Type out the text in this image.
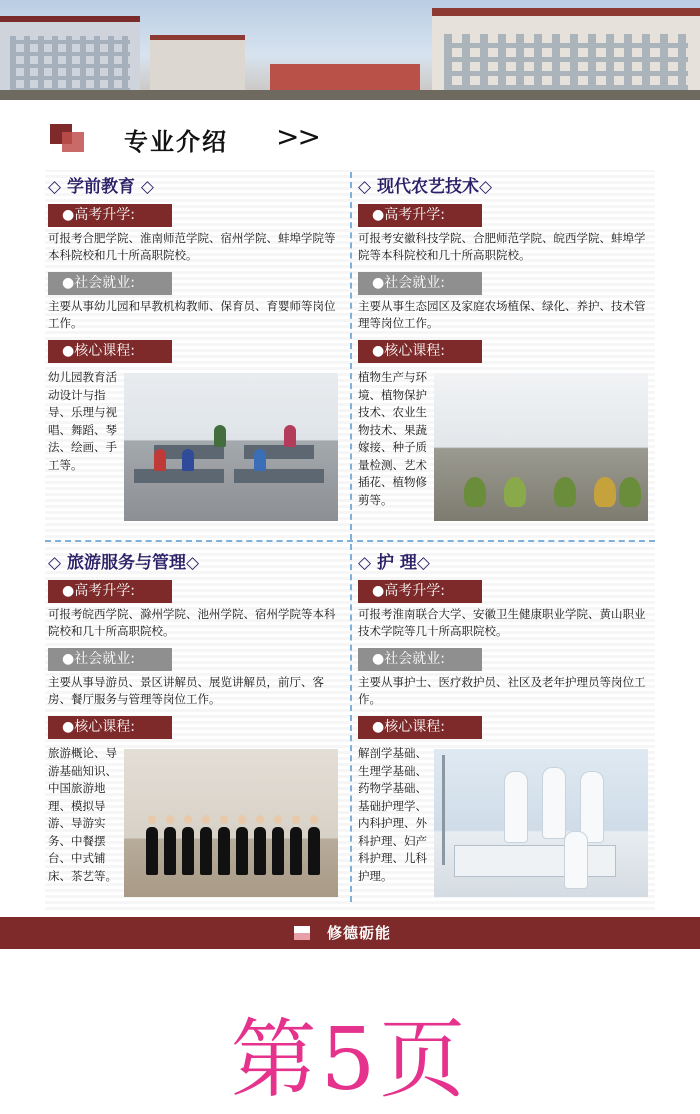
专业介绍 >>
◇ 学前教育 ◇
●高考升学:
可报考合肥学院、淮南师范学院、宿州学院、蚌埠学院等本科院校和几十所高职院校。
●社会就业:
主要从事幼儿园和早教机构教师、保育员、育婴师等岗位工作。
●核心课程:
幼儿园教育活动设计与指导、乐理与视唱、舞蹈、琴法、绘画、手工等。
◇ 现代农艺技术◇
●高考升学:
可报考安徽科技学院、合肥师范学院、皖西学院、蚌埠学院等本科院校和几十所高职院校。
●社会就业:
主要从事生态园区及家庭农场植保、绿化、养护、技术管理等岗位工作。
●核心课程:
植物生产与环境、植物保护技术、农业生物技术、果蔬嫁接、种子质量检测、艺术插花、植物修剪等。
◇ 旅游服务与管理◇
●高考升学:
可报考皖西学院、滁州学院、池州学院、宿州学院等本科院校和几十所高职院校。
●社会就业:
主要从事导游员、景区讲解员、展览讲解员，前厅、客房、餐厅服务与管理等岗位工作。
●核心课程:
旅游概论、导游基础知识、中国旅游地理、模拟导游、导游实务、中餐摆台、中式铺床、茶艺等。
◇ 护 理◇
●高考升学:
可报考淮南联合大学、安徽卫生健康职业学院、黄山职业技术学院等几十所高职院校。
●社会就业:
主要从事护士、医疗救护员、社区及老年护理员等岗位工作。
●核心课程:
解剖学基础、生理学基础、药物学基础、基础护理学、内科护理、外科护理、妇产科护理、儿科护理。
修德砺能
第5页
